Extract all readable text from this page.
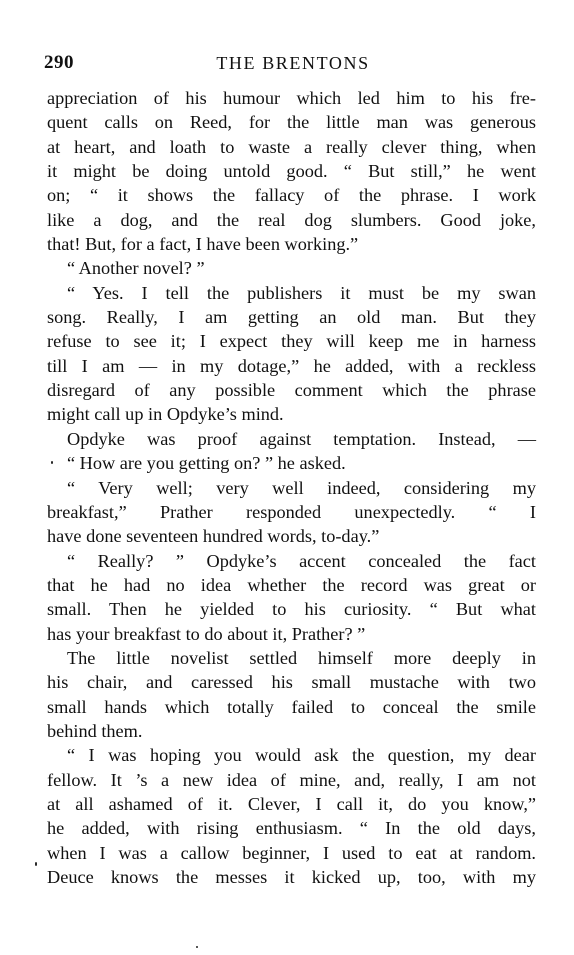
290	THE BRENTONS
appreciation of his humour which led him to his fre-
quent calls on Reed, for the little man was generous
at heart, and loath to waste a really clever thing, when
it might be doing untold good. “ But still,” he went
on; “ it shows the fallacy of the phrase. I work
like a dog, and the real dog slumbers. Good joke,
that! But, for a fact, I have been working.”
“ Another novel? ”
“ Yes. I tell the publishers it must be my swan
song. Really, I am getting an old man. But they
refuse to see it; I expect they will keep me in harness
till I am — in my dotage,” he added, with a reckless
disregard of any possible comment which the phrase
might call up in Opdyke’s mind.
Opdyke was proof against temptation. Instead, —
“ How are you getting on? ” he asked.
“ Very well; very well indeed, considering my
breakfast,” Prather responded unexpectedly. “ I
have done seventeen hundred words, to-day.”
“ Really? ” Opdyke’s accent concealed the fact
that he had no idea whether the record was great or
small. Then he yielded to his curiosity. “ But what
has your breakfast to do about it, Prather? ”
The little novelist settled himself more deeply in
his chair, and caressed his small mustache with two
small hands which totally failed to conceal the smile
behind them.
“ I was hoping you would ask the question, my dear
fellow. It ’s a new idea of mine, and, really, I am not
at all ashamed of it. Clever, I call it, do you know,”
he added, with rising enthusiasm. “ In the old days,
when I was a callow beginner, I used to eat at random.
Deuce knows the messes it kicked up, too, with my
